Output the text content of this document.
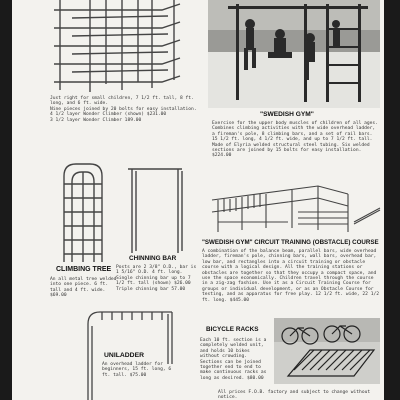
Just right for small children, 7 1/2 ft. tall, 8 ft. long, and 6 ft. wide.
Nine pieces joined by 20 bolts for easy installation.
4 1/2 layer Wonder Climber (shown) $231.00
3 1/2 layer Wonder Climber 189.00
"SWEDISH GYM"
Exercise for the upper body muscles of children of all ages. Combines climbing activities with the wide overhead ladder, a fireman's pole, 8 climbing bars, and a set of rail bars. 15 1/2 ft. long, 4 1/2 ft. wide, and up to 7 1/2 ft. tall. Made of Elyria welded structural steel tubing. Six welded sections are joined by 15 bolts for easy installation. $224.00
CLIMBING TREE
An all metal tree welded into one piece. 6 ft. tall and 4 ft. wide. $69.00
CHINNING BAR
Posts are 2 3/8" O.D., bar is 1 5/16" O.D. 4 ft. long.
Single chinning bar up to 7 1/2 ft. tall (shown) $26.00
Triple chinning bar 57.00
"SWEDISH GYM" CIRCUIT TRAINING (OBSTACLE) COURSE
A combination of the balance beam, parallel bars, wide overhead ladder, fireman's pole, chinning bars, wall bars, overhead bar, low bar, and rectangles into a circuit training or obstacle course with a logical design. All the training stations or obstacles are together so that they occupy a compact space, and use the space economically. Children travel through the course in a zig-zag fashion. Use it as a Circuit Training Course for groups or individual development, or as an Obstacle Course for testing, and as apparatus for free play. 12 1/2 ft. wide, 22 1/2 ft. long. $445.00
UNILADDER
An overhead ladder for beginners, 15 ft. long, 6 ft. tall. $75.00
BICYCLE RACKS
Each 10 ft. section is a completely welded unit, and holds 10 bikes without crowding. Sections can be joined together end to end to make continuous racks as long as desired. $80.00
All prices F.O.B. factory and subject to change without notice.
